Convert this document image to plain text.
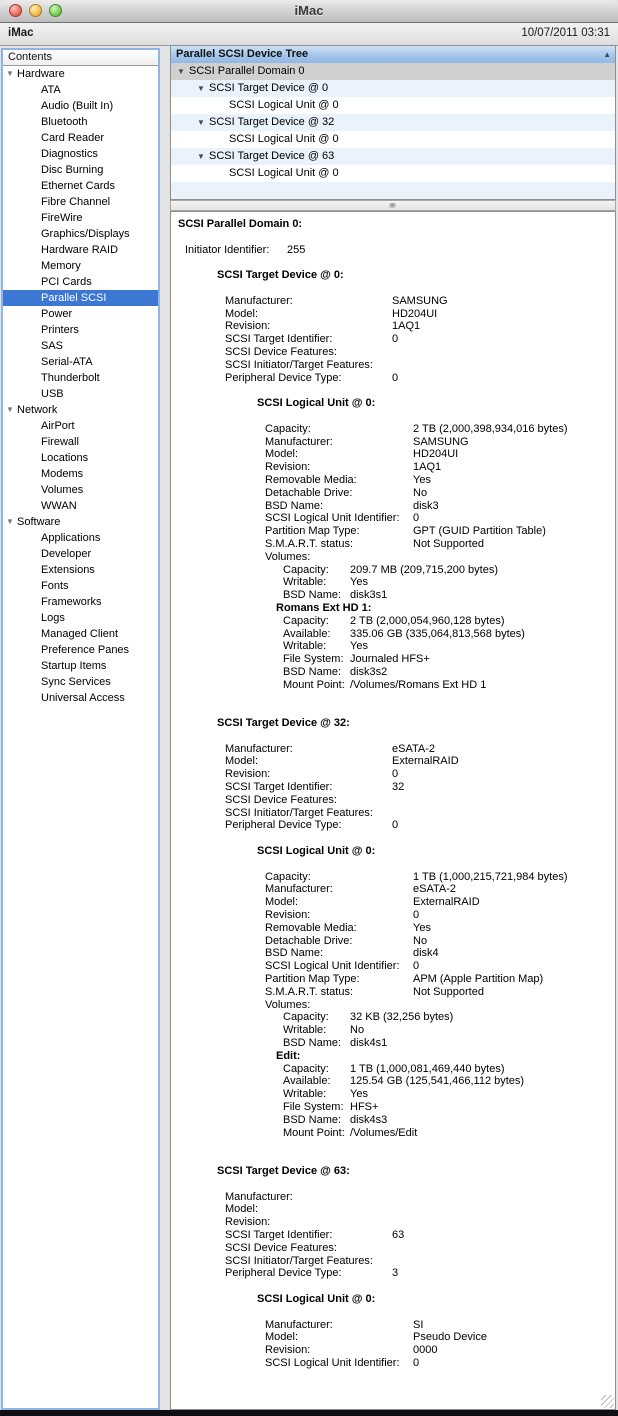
iMac
iMac	10/07/2011 03:31
Contents
▼ Hardware
ATA
Audio (Built In)
Bluetooth
Card Reader
Diagnostics
Disc Burning
Ethernet Cards
Fibre Channel
FireWire
Graphics/Displays
Hardware RAID
Memory
PCI Cards
Parallel SCSI
Power
Printers
SAS
Serial-ATA
Thunderbolt
USB
▼ Network
AirPort
Firewall
Locations
Modems
Volumes
WWAN
▼ Software
Applications
Developer
Extensions
Fonts
Frameworks
Logs
Managed Client
Preference Panes
Startup Items
Sync Services
Universal Access
Parallel SCSI Device Tree	▲
▼ SCSI Parallel Domain 0
▼ SCSI Target Device @ 0
SCSI Logical Unit @ 0
▼ SCSI Target Device @ 32
SCSI Logical Unit @ 0
▼ SCSI Target Device @ 63
SCSI Logical Unit @ 0
SCSI Parallel Domain 0:
Initiator Identifier: 255
SCSI Target Device @ 0:
Manufacturer:	SAMSUNG
Model:	HD204UI
Revision:	1AQ1
SCSI Target Identifier:	0
SCSI Device Features:
SCSI Initiator/Target Features:
Peripheral Device Type:	0
SCSI Logical Unit @ 0:
Capacity:	2 TB (2,000,398,934,016 bytes)
Manufacturer:	SAMSUNG
Model:	HD204UI
Revision:	1AQ1
Removable Media:	Yes
Detachable Drive:	No
BSD Name:	disk3
SCSI Logical Unit Identifier: 0
Partition Map Type:	GPT (GUID Partition Table)
S.M.A.R.T. status:	Not Supported
Volumes:
Capacity: 209.7 MB (209,715,200 bytes)
Writable: Yes
BSD Name: disk3s1
Romans Ext HD 1:
Capacity: 2 TB (2,000,054,960,128 bytes)
Available: 335.06 GB (335,064,813,568 bytes)
Writable: Yes
File System: Journaled HFS+
BSD Name: disk3s2
Mount Point: /Volumes/Romans Ext HD 1
SCSI Target Device @ 32:
Manufacturer:	eSATA-2
Model:	ExternalRAID
Revision:	0
SCSI Target Identifier:	32
SCSI Device Features:
SCSI Initiator/Target Features:
Peripheral Device Type:	0
SCSI Logical Unit @ 0:
Capacity:	1 TB (1,000,215,721,984 bytes)
Manufacturer:	eSATA-2
Model:	ExternalRAID
Revision:	0
Removable Media:	Yes
Detachable Drive:	No
BSD Name:	disk4
SCSI Logical Unit Identifier: 0
Partition Map Type:	APM (Apple Partition Map)
S.M.A.R.T. status:	Not Supported
Volumes:
Capacity: 32 KB (32,256 bytes)
Writable: No
BSD Name: disk4s1
Edit:
Capacity: 1 TB (1,000,081,469,440 bytes)
Available: 125.54 GB (125,541,466,112 bytes)
Writable: Yes
File System: HFS+
BSD Name: disk4s3
Mount Point: /Volumes/Edit
SCSI Target Device @ 63:
Manufacturer:
Model:
Revision:
SCSI Target Identifier:	63
SCSI Device Features:
SCSI Initiator/Target Features:
Peripheral Device Type:	3
SCSI Logical Unit @ 0:
Manufacturer:	SI
Model:	Pseudo Device
Revision:	0000
SCSI Logical Unit Identifier: 0
